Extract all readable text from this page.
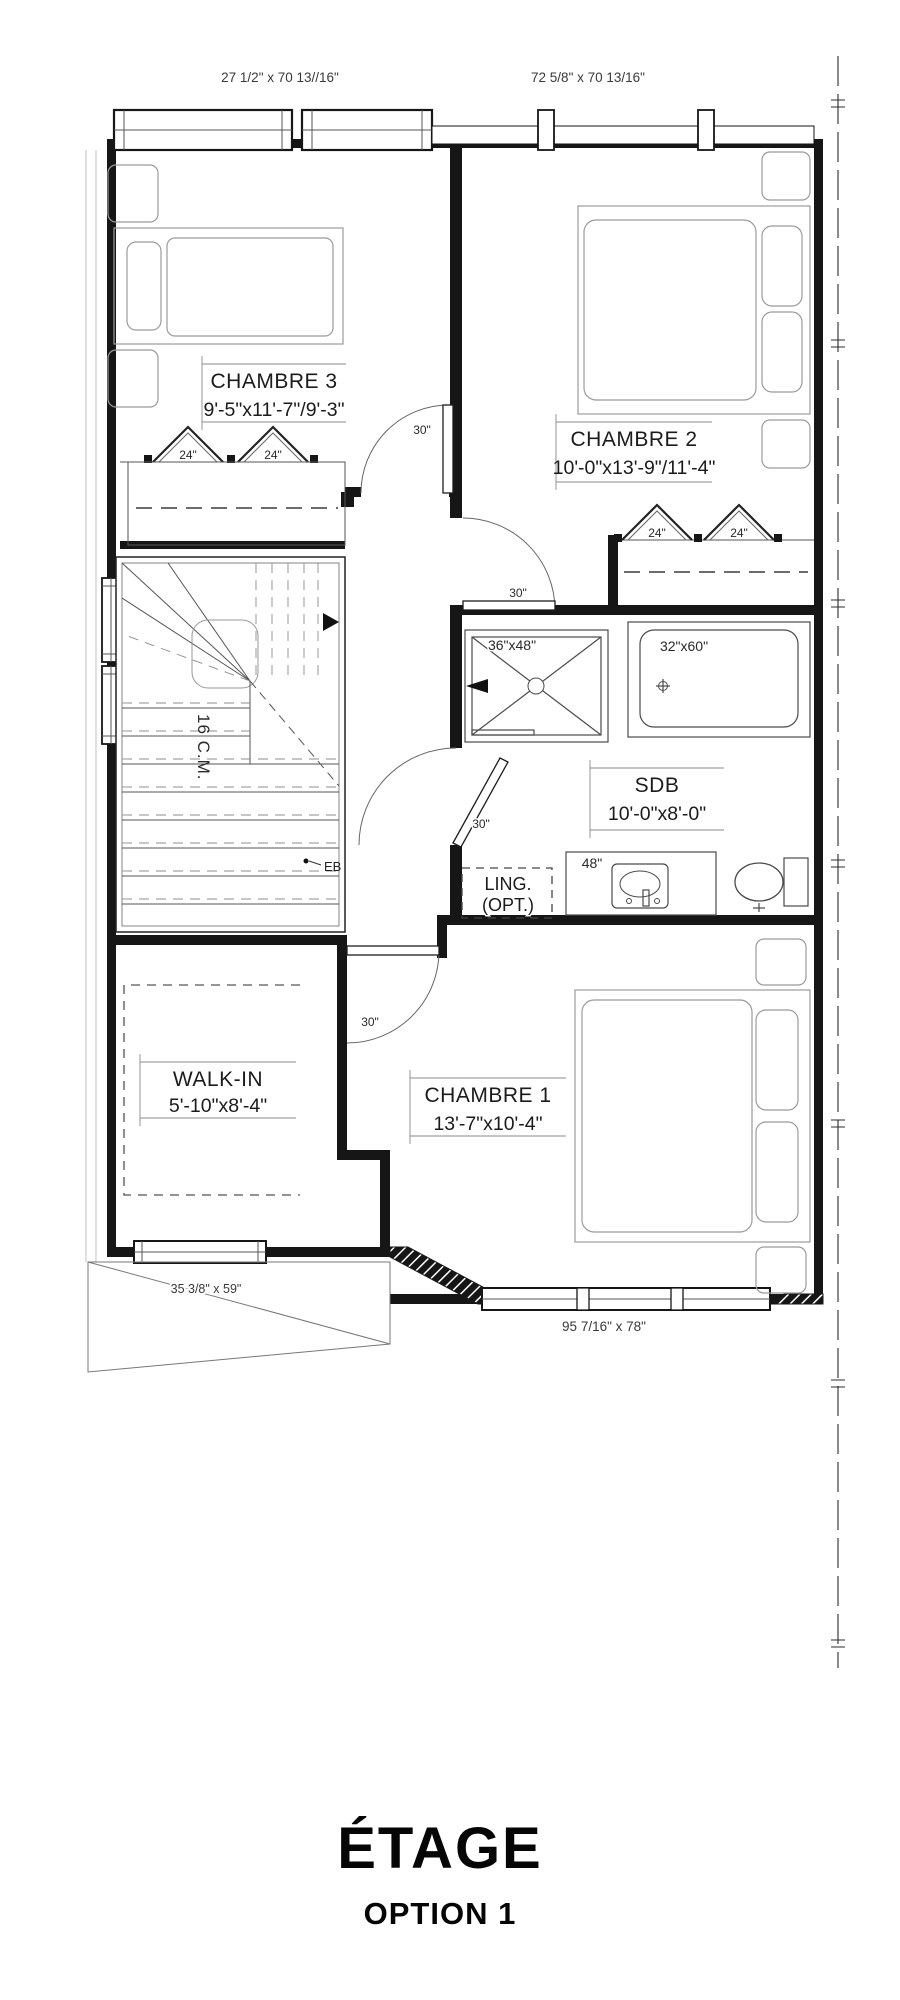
27 1/2" x 70 13//16"	72 5/8" x 70 13/16"
CHAMBRE 3
9'-5"x11'-7"/9'-3"
24"	24"
30"	CHAMBRE 2
10'-0"x13'-9"/11'-4"
30"
24"	24"
16 C.M.
EB
36"x48"	32"x60"
SDB
10'-0"x8'-0"
30"
48"
LING.
(OPT.)
WALK-IN
5'-10"x8'-4"	CHAMBRE 1
13'-7"x10'-4"
30"
35 3/8" x 59"
95 7/16" x 78"
ÉTAGE
OPTION 1
